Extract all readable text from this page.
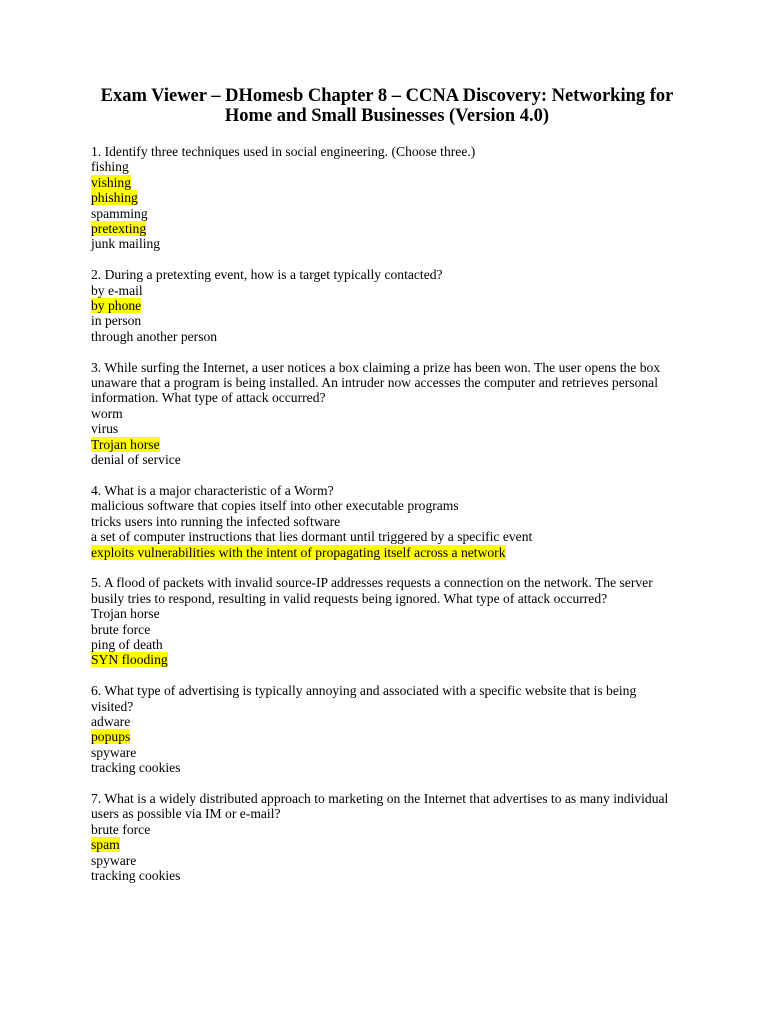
Exam Viewer – DHomesb Chapter 8 – CCNA Discovery: Networking for Home and Small Businesses (Version 4.0)
1. Identify three techniques used in social engineering. (Choose three.)
fishing
vishing
phishing
spamming
pretexting
junk mailing
2. During a pretexting event, how is a target typically contacted?
by e-mail
by phone
in person
through another person
3. While surfing the Internet, a user notices a box claiming a prize has been won. The user opens the box unaware that a program is being installed. An intruder now accesses the computer and retrieves personal information. What type of attack occurred?
worm
virus
Trojan horse
denial of service
4. What is a major characteristic of a Worm?
malicious software that copies itself into other executable programs
tricks users into running the infected software
a set of computer instructions that lies dormant until triggered by a specific event
exploits vulnerabilities with the intent of propagating itself across a network
5. A flood of packets with invalid source-IP addresses requests a connection on the network. The server busily tries to respond, resulting in valid requests being ignored. What type of attack occurred?
Trojan horse
brute force
ping of death
SYN flooding
6. What type of advertising is typically annoying and associated with a specific website that is being visited?
adware
popups
spyware
tracking cookies
7. What is a widely distributed approach to marketing on the Internet that advertises to as many individual users as possible via IM or e-mail?
brute force
spam
spyware
tracking cookies
